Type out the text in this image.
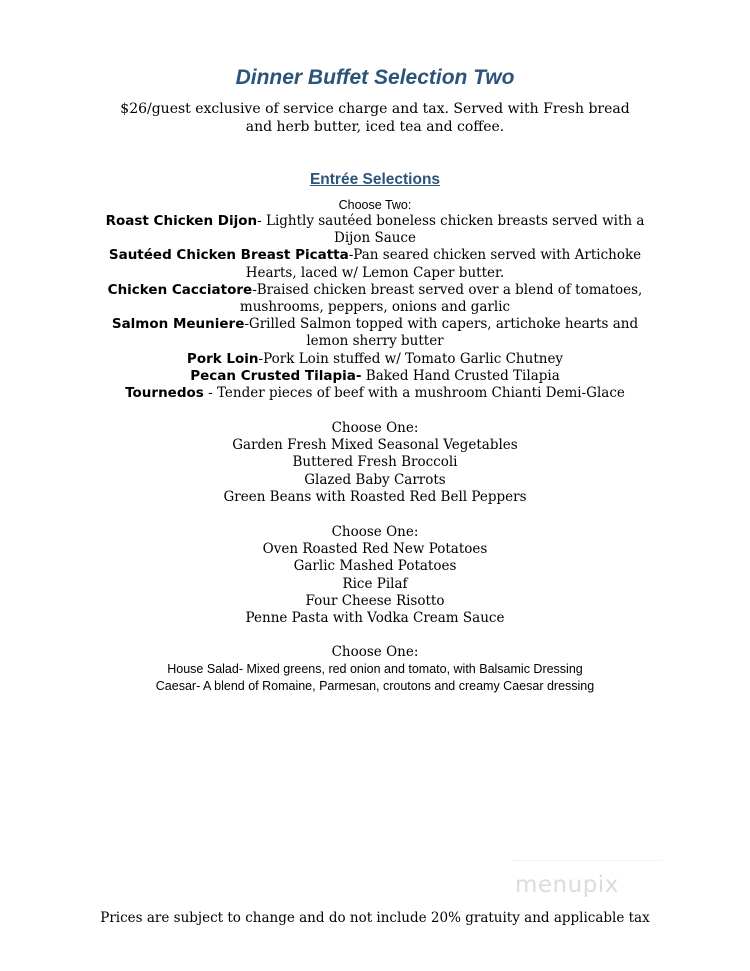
Dinner Buffet Selection Two
$26/guest exclusive of service charge and tax. Served with Fresh bread and herb butter, iced tea and coffee.
Entrée Selections
Choose Two:
Roast Chicken Dijon- Lightly sautéed boneless chicken breasts served with a Dijon Sauce
Sautéed Chicken Breast Picatta-Pan seared chicken served with Artichoke Hearts, laced w/ Lemon Caper butter.
Chicken Cacciatore-Braised chicken breast served over a blend of tomatoes, mushrooms, peppers, onions and garlic
Salmon Meuniere-Grilled Salmon topped with capers, artichoke hearts and lemon sherry butter
Pork Loin-Pork Loin stuffed w/ Tomato Garlic Chutney
Pecan Crusted Tilapia- Baked Hand Crusted Tilapia
Tournedos - Tender pieces of beef with a mushroom Chianti Demi-Glace
Choose One:
Garden Fresh Mixed Seasonal Vegetables
Buttered Fresh Broccoli
Glazed Baby Carrots
Green Beans with Roasted Red Bell Peppers
Choose One:
Oven Roasted Red New Potatoes
Garlic Mashed Potatoes
Rice Pilaf
Four Cheese Risotto
Penne Pasta with Vodka Cream Sauce
Choose One:
House Salad- Mixed greens, red onion and tomato, with Balsamic Dressing
Caesar- A blend of Romaine, Parmesan, croutons and creamy Caesar dressing
menupix
Prices are subject to change and do not include 20% gratuity and applicable tax
